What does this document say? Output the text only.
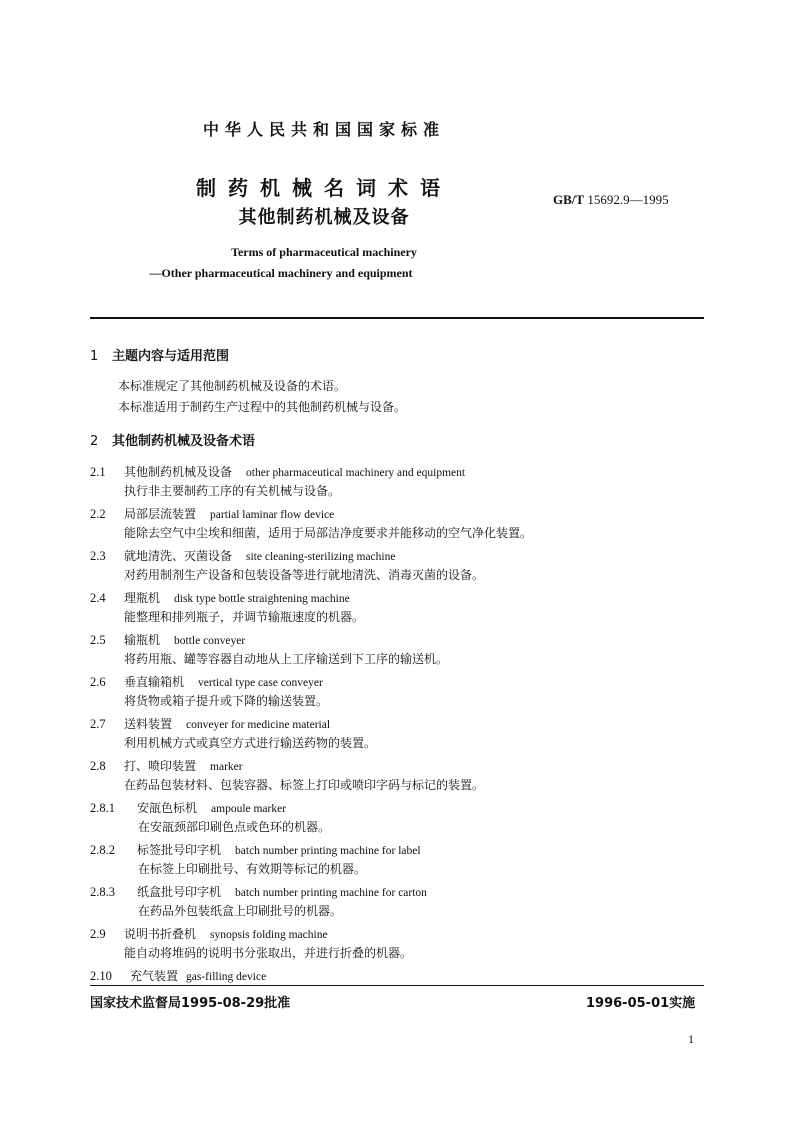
中华人民共和国国家标准
制药机械名词术语
其他制药机械及设备
GB/T 15692.9—1995
Terms of pharmaceutical machinery
—Other pharmaceutical machinery and equipment
1 主题内容与适用范围
本标准规定了其他制药机械及设备的术语。
本标准适用于制药生产过程中的其他制药机械与设备。
2 其他制药机械及设备术语
2.1 其他制药机械及设备 other pharmaceutical machinery and equipment
执行非主要制药工序的有关机械与设备。
2.2 局部层流装置 partial laminar flow device
能除去空气中尘埃和细菌，适用于局部洁净度要求并能移动的空气净化装置。
2.3 就地清洗、灭菌设备 site cleaning-sterilizing machine
对药用制剂生产设备和包装设备等进行就地清洗、消毒灭菌的设备。
2.4 理瓶机 disk type bottle straightening machine
能整理和排列瓶子，并调节输瓶速度的机器。
2.5 输瓶机 bottle conveyer
将药用瓶、罐等容器自动地从上工序输送到下工序的输送机。
2.6 垂直输箱机 vertical type case conveyer
将货物或箱子提升或下降的输送装置。
2.7 送料装置 conveyer for medicine material
利用机械方式或真空方式进行输送药物的装置。
2.8 打、喷印装置 marker
在药品包装材料、包装容器、标签上打印或喷印字码与标记的装置。
2.8.1 安瓿色标机 ampoule marker
在安瓿颈部印刷色点或色环的机器。
2.8.2 标签批号印字机 batch number printing machine for label
在标签上印刷批号、有效期等标记的机器。
2.8.3 纸盒批号印字机 batch number printing machine for carton
在药品外包装纸盒上印刷批号的机器。
2.9 说明书折叠机 synopsis folding machine
能自动将堆码的说明书分张取出，并进行折叠的机器。
2.10 充气装置 gas-filling device
国家技术监督局1995-08-29批准	1996-05-01实施
1
